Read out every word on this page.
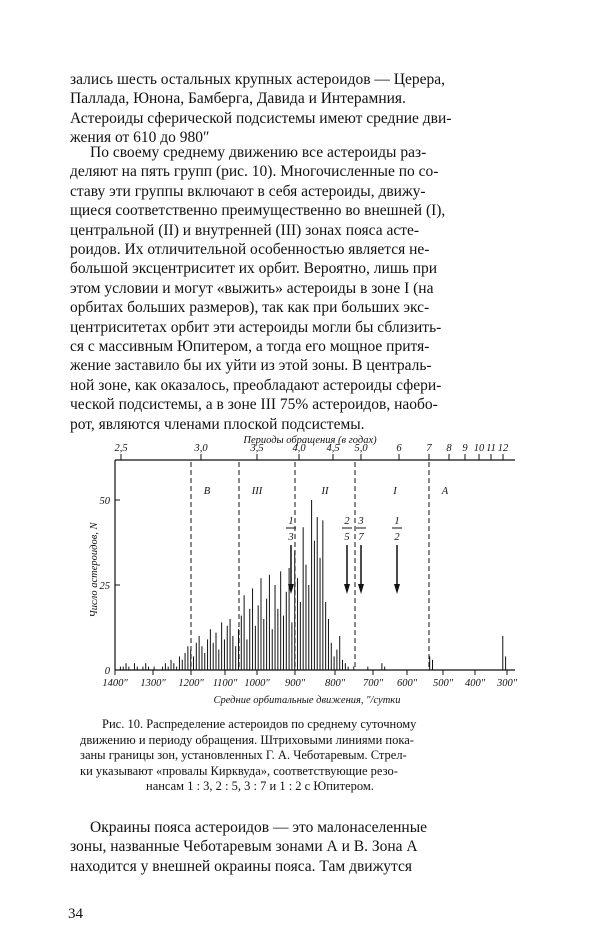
зались шесть остальных крупных астероидов — Церера,
Паллада, Юнона, Бамберга, Давида и Интерамния.
Астероиды сферической подсистемы имеют средние дви-
жения от 610 до 980″
По своему среднему движению все астероиды раз-
деляют на пять групп (рис. 10). Многочисленные по со-
ставу эти группы включают в себя астероиды, движу-
щиеся соответственно преимущественно во внешней (I),
центральной (II) и внутренней (III) зонах пояса асте-
роидов. Их отличительной особенностью является не-
большой эксцентриситет их орбит. Вероятно, лишь при
этом условии и могут «выжить» астероиды в зоне I (на
орбитах больших размеров), так как при больших экс-
центриситетах орбит эти астероиды могли бы сблизить-
ся с массивным Юпитером, а тогда его мощное притя-
жение заставило бы их уйти из этой зоны. В централь-
ной зоне, как оказалось, преобладают астероиды сфери-
ческой подсистемы, а в зоне III 75% астероидов, наобо-
рот, являются членами плоской подсистемы.
Периоды обращения (в годах)
2,5	3,0	3,5	4,0 4,5 5,0	6 7 8 9 10 11 12
1400″ 1300″ 1200″ 1100″ 1000″ 900″ 800″ 700″ 600″ 500″ 400″ 300″
0
25
50
В	III	II	I	А
1
3
2
5
3
7
1
2
Число астероидов, N
Средние орбитальные движения, ″/сутки
Рис. 10. Распределение астероидов по среднему суточному
движению и периоду обращения. Штриховыми линиями пока-
заны границы зон, установленных Г. А. Чеботаревым. Стрел-
ки указывают «провалы Кирквуда», соответствующие резо-
нансам 1 : 3, 2 : 5, 3 : 7 и 1 : 2 с Юпитером.
Окраины пояса астероидов — это малонаселенные
зоны, названные Чеботаревым зонами А и В. Зона А
находится у внешней окраины пояса. Там движутся
34
